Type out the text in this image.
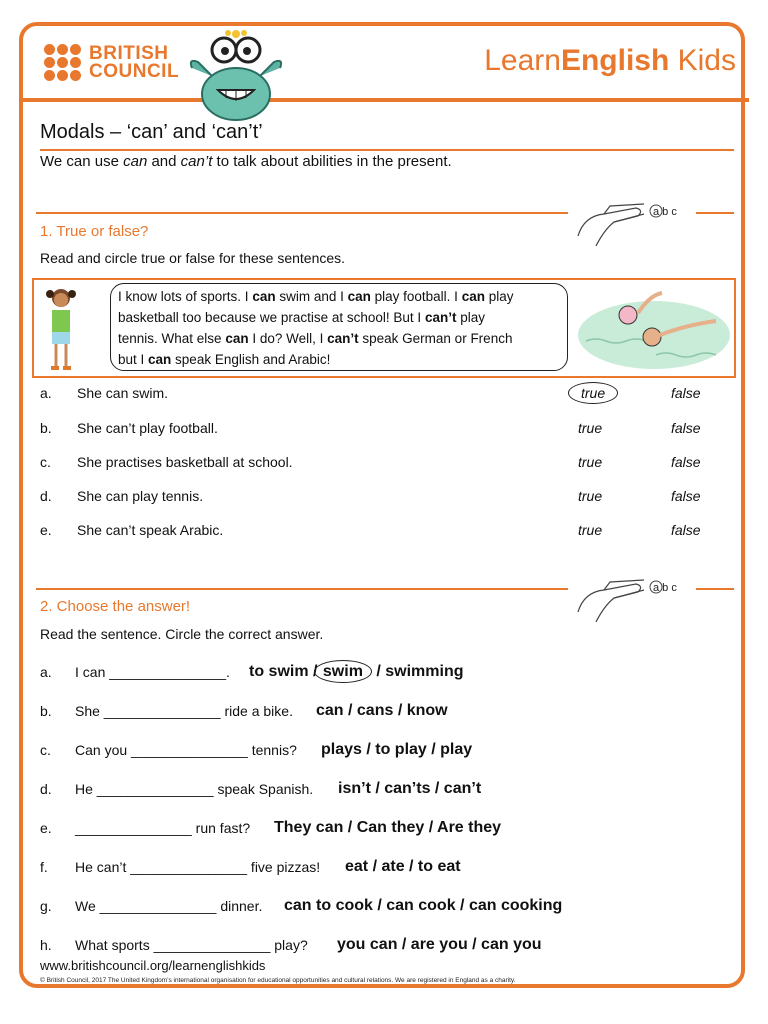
BRITISH
COUNCIL	LearnEnglish Kids
Modals – ‘can’ and ‘can’t’
We can use can and can’t to talk about abilities in the present.
a b c
1. True or false?
Read and circle true or false for these sentences.
I know lots of sports. I can swim and I can play football. I can play
basketball too because we practise at school! But I can’t play
tennis. What else can I do? Well, I can’t speak German or French
but I can speak English and Arabic!
a. She can swim.	true	false
b. She can’t play football.	true	false
c. She practises basketball at school.	true	false
d. She can play tennis.	true	false
e. She can’t speak Arabic.	true	false
a b c
2. Choose the answer!
Read the sentence. Circle the correct answer.
a. I can _______________. to swim / swim / swimming
b. She _______________ ride a bike. can / cans / know
c. Can you _______________ tennis? plays / to play / play
d. He _______________ speak Spanish. isn’t / can’ts / can’t
e. _______________ run fast? They can / Can they / Are they
f. He can’t _______________ five pizzas! eat / ate / to eat
g. We _______________ dinner. can to cook / can cook / can cooking
h. What sports _______________ play? you can / are you / can you
www.britishcouncil.org/learnenglishkids
© British Council, 2017 The United Kingdom’s international organisation for educational opportunities and cultural relations. We are registered in England as a charity.
